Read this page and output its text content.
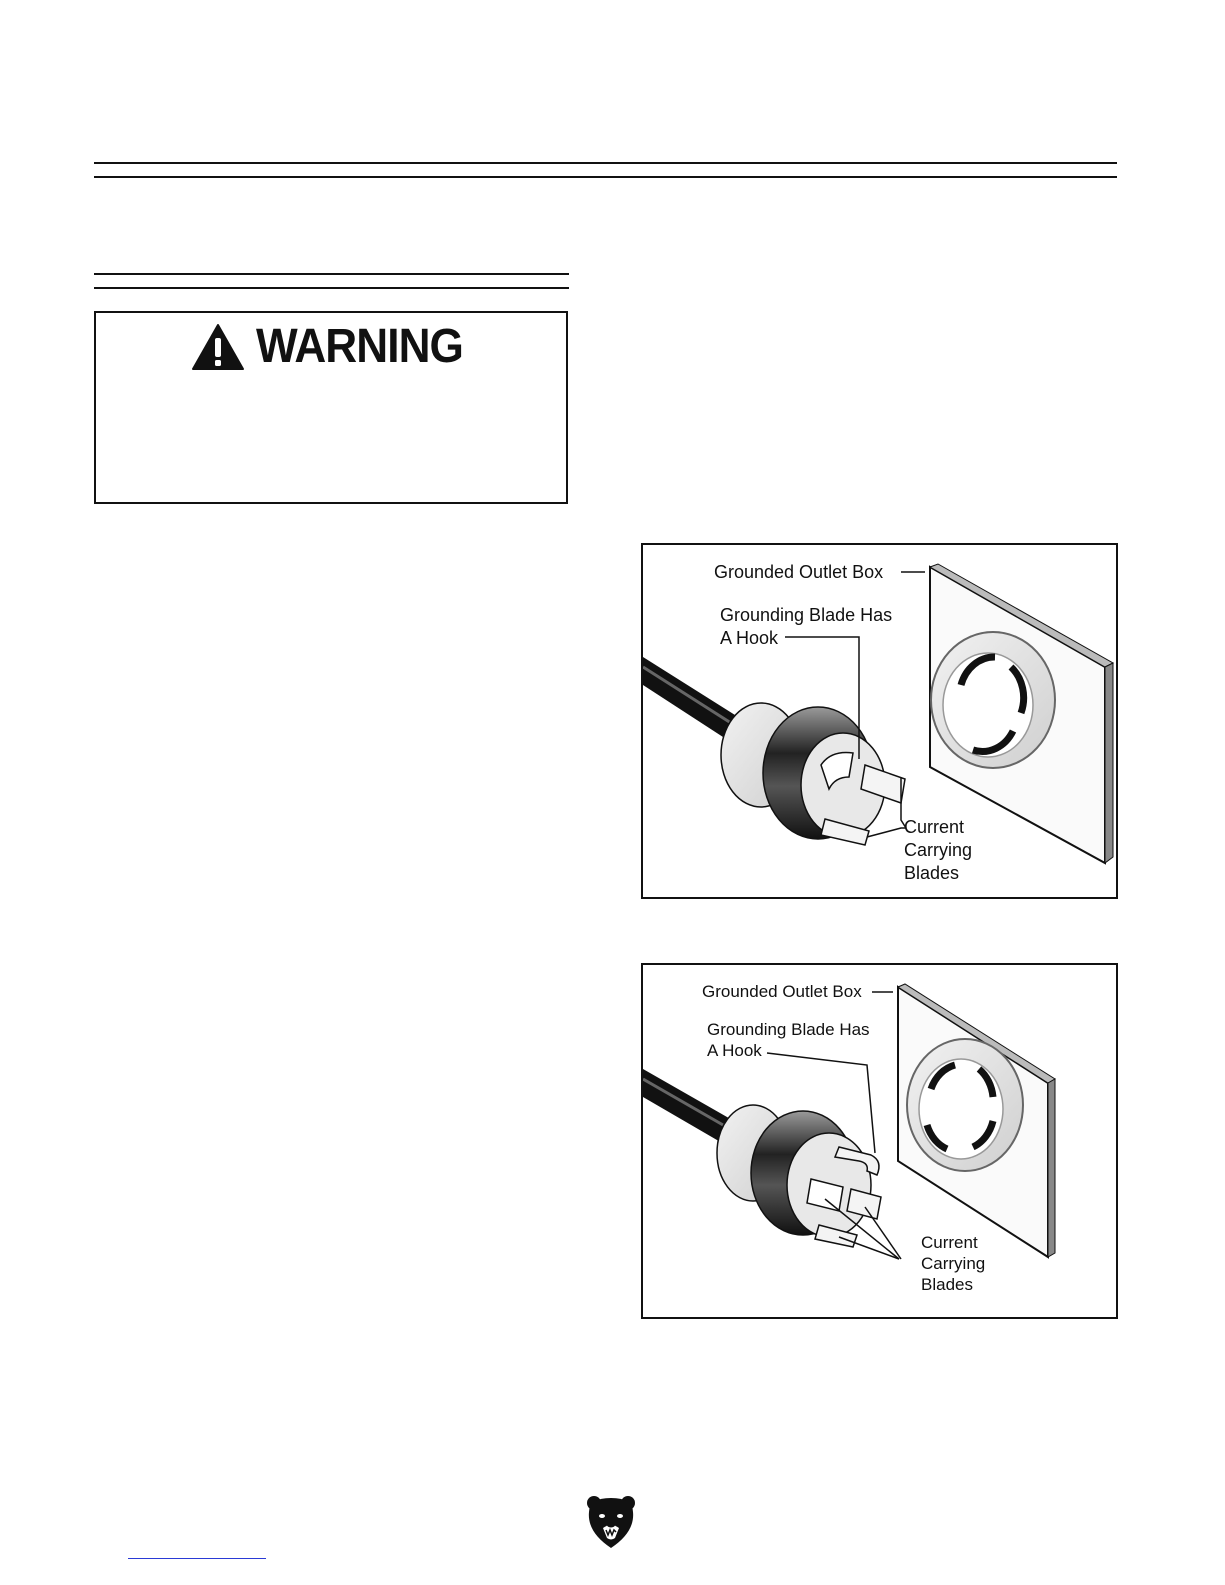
WARNING
Grounded Outlet Box
Grounding Blade Has
A Hook
Current
Carrying
Blades
Grounded Outlet Box
Grounding Blade Has
A Hook
Current
Carrying
Blades
